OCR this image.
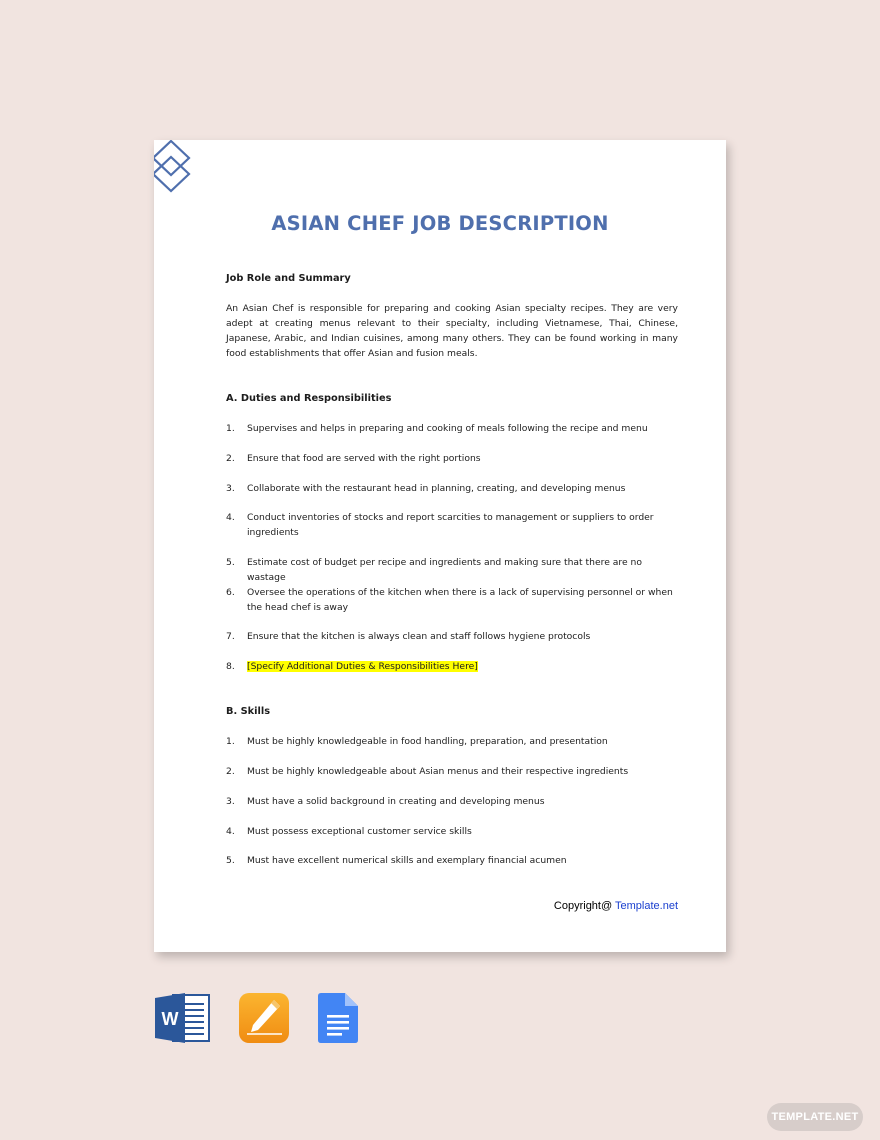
ASIAN CHEF JOB DESCRIPTION
Job Role and Summary
An Asian Chef is responsible for preparing and cooking Asian specialty recipes. They are very adept at creating menus relevant to their specialty, including Vietnamese, Thai, Chinese, Japanese, Arabic, and Indian cuisines, among many others. They can be found working in many food establishments that offer Asian and fusion meals.
A. Duties and Responsibilities
1.	Supervises and helps in preparing and cooking of meals following the recipe and menu
2.	Ensure that food are served with the right portions
3.	Collaborate with the restaurant head in planning, creating, and developing menus
4.	Conduct inventories of stocks and report scarcities to management or suppliers to order ingredients
5.	Estimate cost of budget per recipe and ingredients and making sure that there are no wastage
6.	Oversee the operations of the kitchen when there is a lack of supervising personnel or when the head chef is away
7.	Ensure that the kitchen is always clean and staff follows hygiene protocols
8.	[Specify Additional Duties & Responsibilities Here]
B. Skills
1.	Must be highly knowledgeable in food handling, preparation, and presentation
2.	Must be highly knowledgeable about Asian menus and their respective ingredients
3.	Must have a solid background in creating and developing menus
4.	Must possess exceptional customer service skills
5.	Must have excellent numerical skills and exemplary financial acumen
Copyright@ Template.net
W
TEMPLATE.NET
